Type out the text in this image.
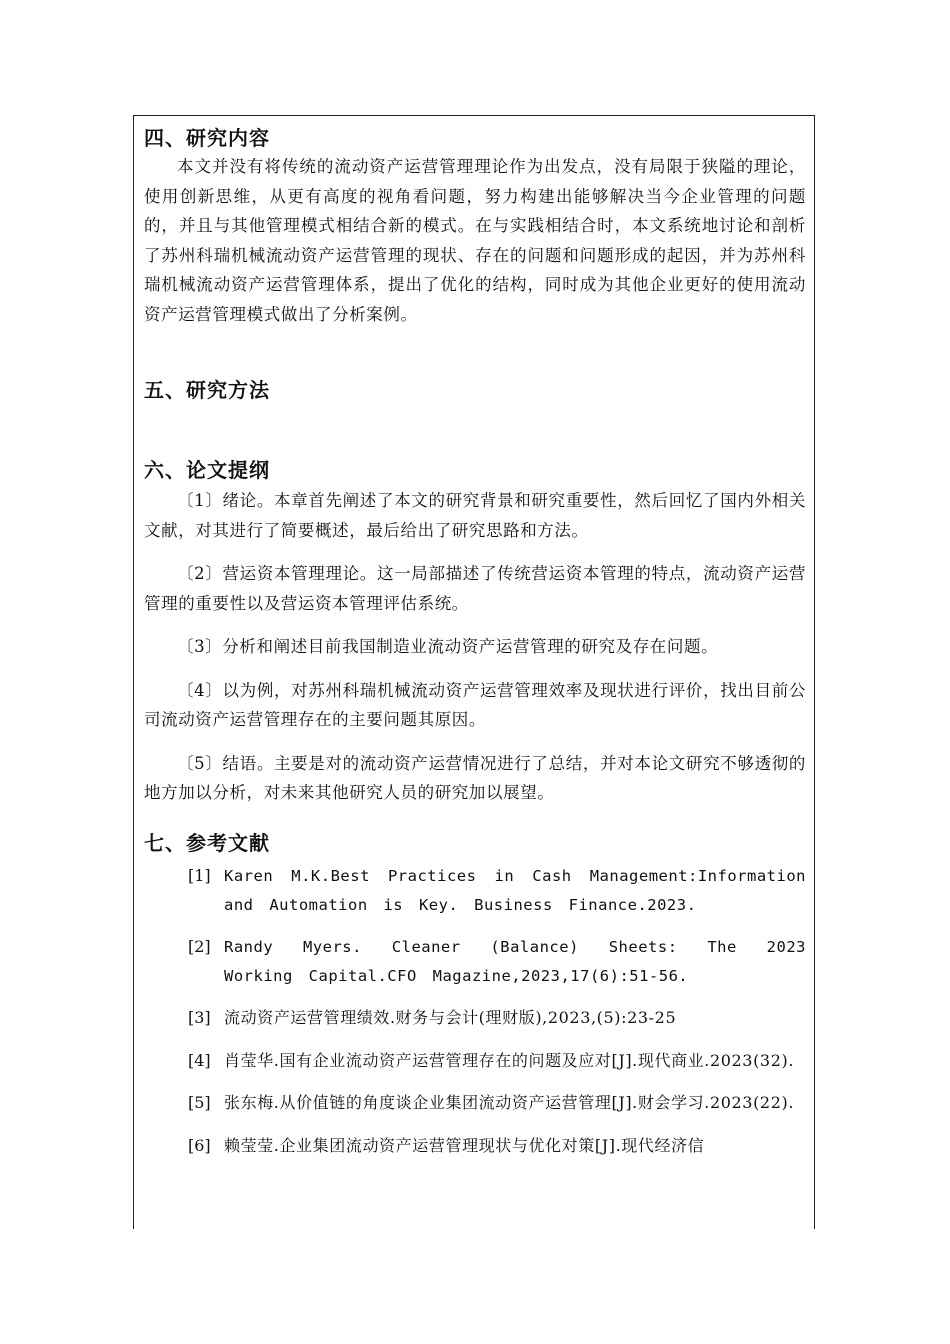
四、研究内容

本文并没有将传统的流动资产运营管理理论作为出发点，没有局限于狭隘的理论，使用创新思维，从更有高度的视角看问题，努力构建出能够解决当今企业管理的问题的，并且与其他管理模式相结合新的模式。在与实践相结合时，本文系统地讨论和剖析了苏州科瑞机械流动资产运营管理的现状、存在的问题和问题形成的起因，并为苏州科瑞机械流动资产运营管理体系，提出了优化的结构，同时成为其他企业更好的使用流动资产运营管理模式做出了分析案例。

五、研究方法
六、论文提纲

〔1〕绪论。本章首先阐述了本文的研究背景和研究重要性，然后回忆了国内外相关文献，对其进行了简要概述，最后给出了研究思路和方法。

〔2〕营运资本管理理论。这一局部描述了传统营运资本管理的特点，流动资产运营管理的重要性以及营运资本管理评估系统。

〔3〕分析和阐述目前我国制造业流动资产运营管理的研究及存在问题。

〔4〕以为例，对苏州科瑞机械流动资产运营管理效率及现状进行评价，找出目前公司流动资产运营管理存在的主要问题其原因。

〔5〕结语。主要是对的流动资产运营情况进行了总结，并对本论文研究不够透彻的地方加以分析，对未来其他研究人员的研究加以展望。

七、参考文献
[1] Karen M.K.Best Practices in Cash Management:Information and Automation is Key. Business Finance.2023.
[2] Randy Myers. Cleaner (Balance) Sheets: The 2023 Working Capital.CFO Magazine,2023,17(6):51-56.
[3] 流动资产运营管理绩效.财务与会计(理财版),2023,(5):23-25
[4] 肖莹华.国有企业流动资产运营管理存在的问题及应对[J].现代商业.2023(32).
[5] 张东梅.从价值链的角度谈企业集团流动资产运营管理[J].财会学习.2023(22).
[6] 赖莹莹.企业集团流动资产运营管理现状与优化对策[J].现代经济信
